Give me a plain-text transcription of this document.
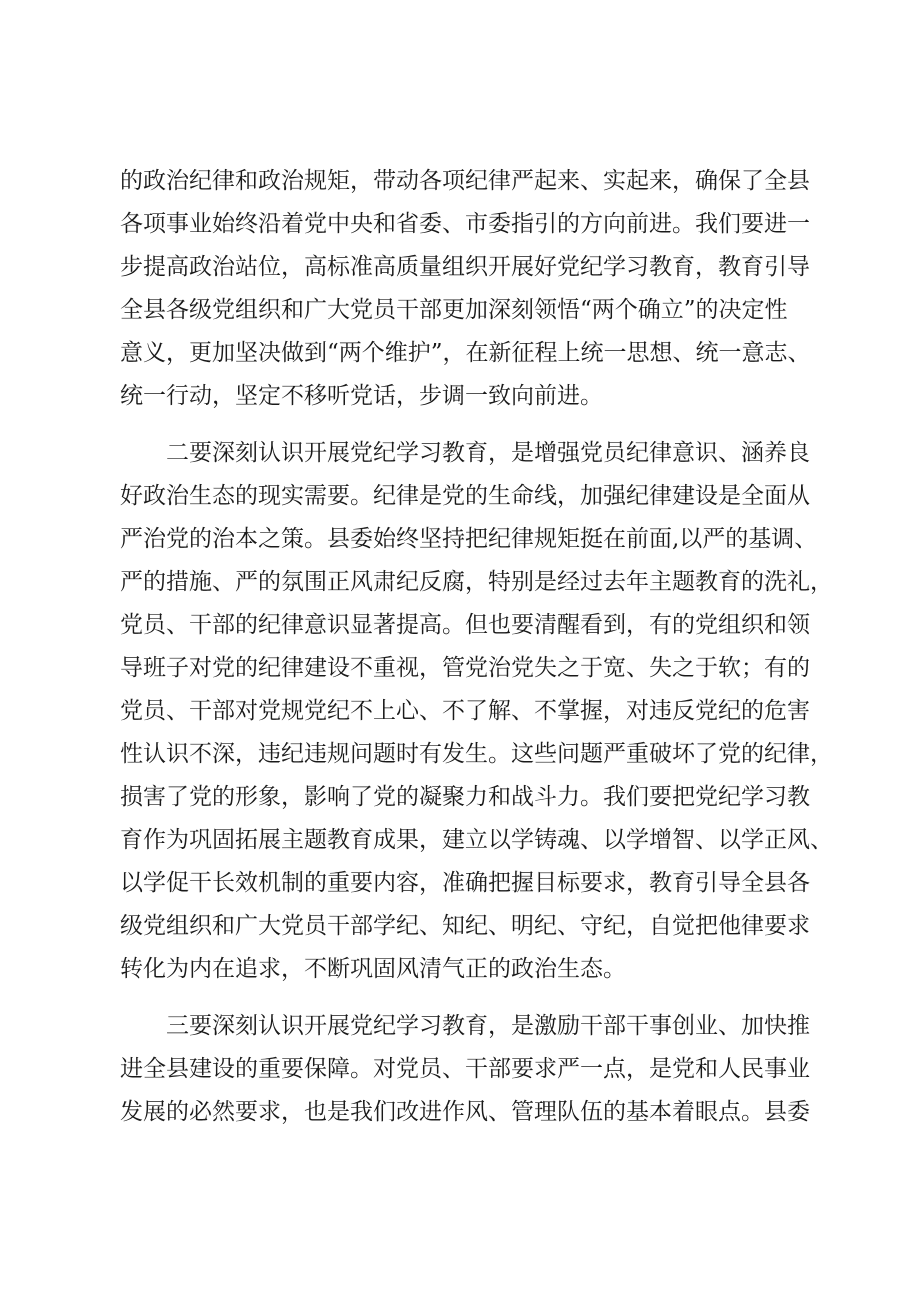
的政治纪律和政治规矩，带动各项纪律严起来、实起来，确保了全县
各项事业始终沿着党中央和省委、市委指引的方向前进。我们要进一
步提高政治站位，高标准高质量组织开展好党纪学习教育，教育引导
全县各级党组织和广大党员干部更加深刻领悟“两个确立”的决定性
意义，更加坚决做到“两个维护”，在新征程上统一思想、统一意志、
统一行动，坚定不移听党话，步调一致向前进。
　　二要深刻认识开展党纪学习教育，是增强党员纪律意识、涵养良
好政治生态的现实需要。纪律是党的生命线，加强纪律建设是全面从
严治党的治本之策。县委始终坚持把纪律规矩挺在前面,以严的基调、
严的措施、严的氛围正风肃纪反腐，特别是经过去年主题教育的洗礼，
党员、干部的纪律意识显著提高。但也要清醒看到，有的党组织和领
导班子对党的纪律建设不重视，管党治党失之于宽、失之于软；有的
党员、干部对党规党纪不上心、不了解、不掌握，对违反党纪的危害
性认识不深，违纪违规问题时有发生。这些问题严重破坏了党的纪律，
损害了党的形象，影响了党的凝聚力和战斗力。我们要把党纪学习教
育作为巩固拓展主题教育成果，建立以学铸魂、以学增智、以学正风、
以学促干长效机制的重要内容，准确把握目标要求，教育引导全县各
级党组织和广大党员干部学纪、知纪、明纪、守纪，自觉把他律要求
转化为内在追求，不断巩固风清气正的政治生态。
　　三要深刻认识开展党纪学习教育，是激励干部干事创业、加快推
进全县建设的重要保障。对党员、干部要求严一点，是党和人民事业
发展的必然要求，也是我们改进作风、管理队伍的基本着眼点。县委
